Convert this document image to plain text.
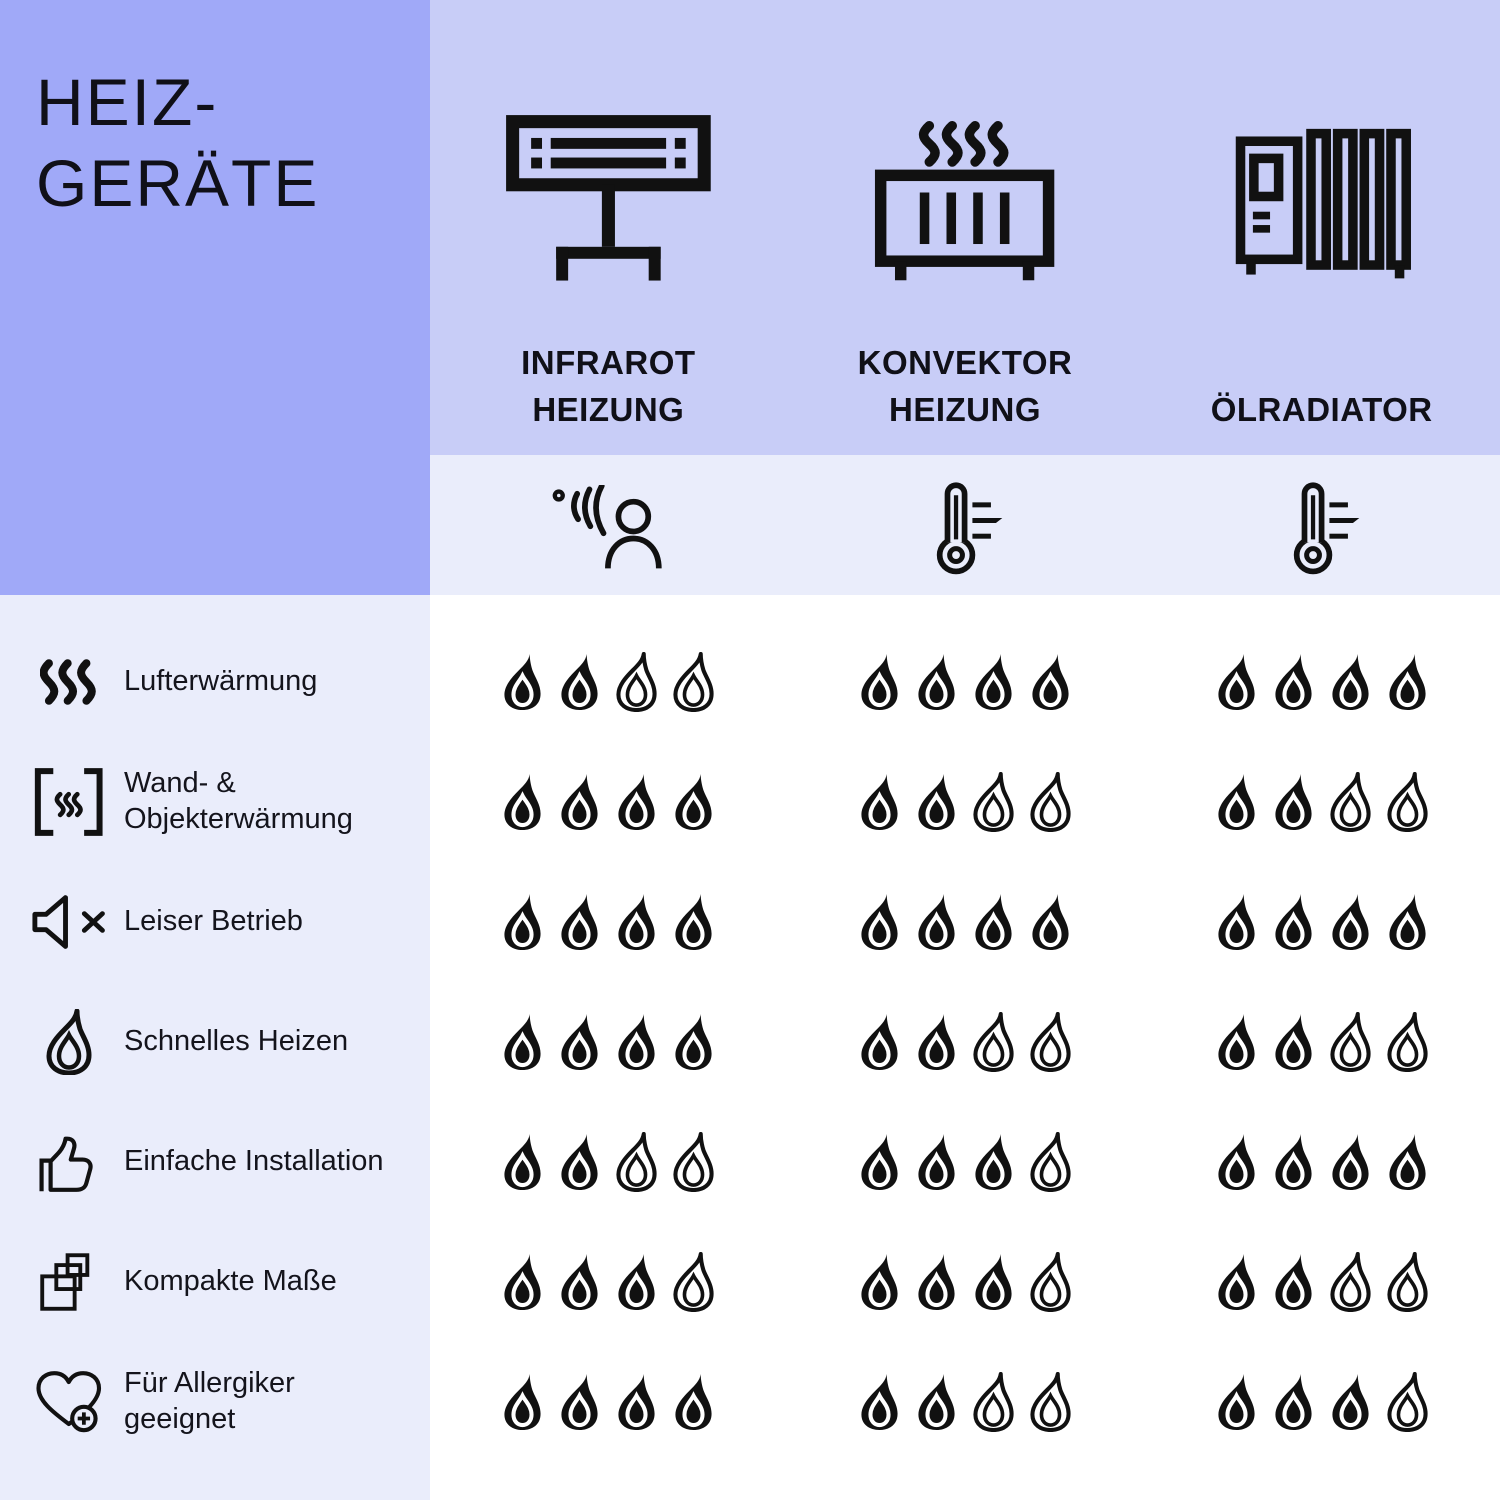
HEIZ-
GERÄTE
INFRAROT
HEIZUNG
KONVEKTOR
HEIZUNG	ÖLRADIATOR
Lufterwärmung
Wand- &
Objekterwärmung
Leiser Betrieb
Schnelles Heizen
Einfache Installation
Kompakte Maße
Für Allergiker
geeignet
